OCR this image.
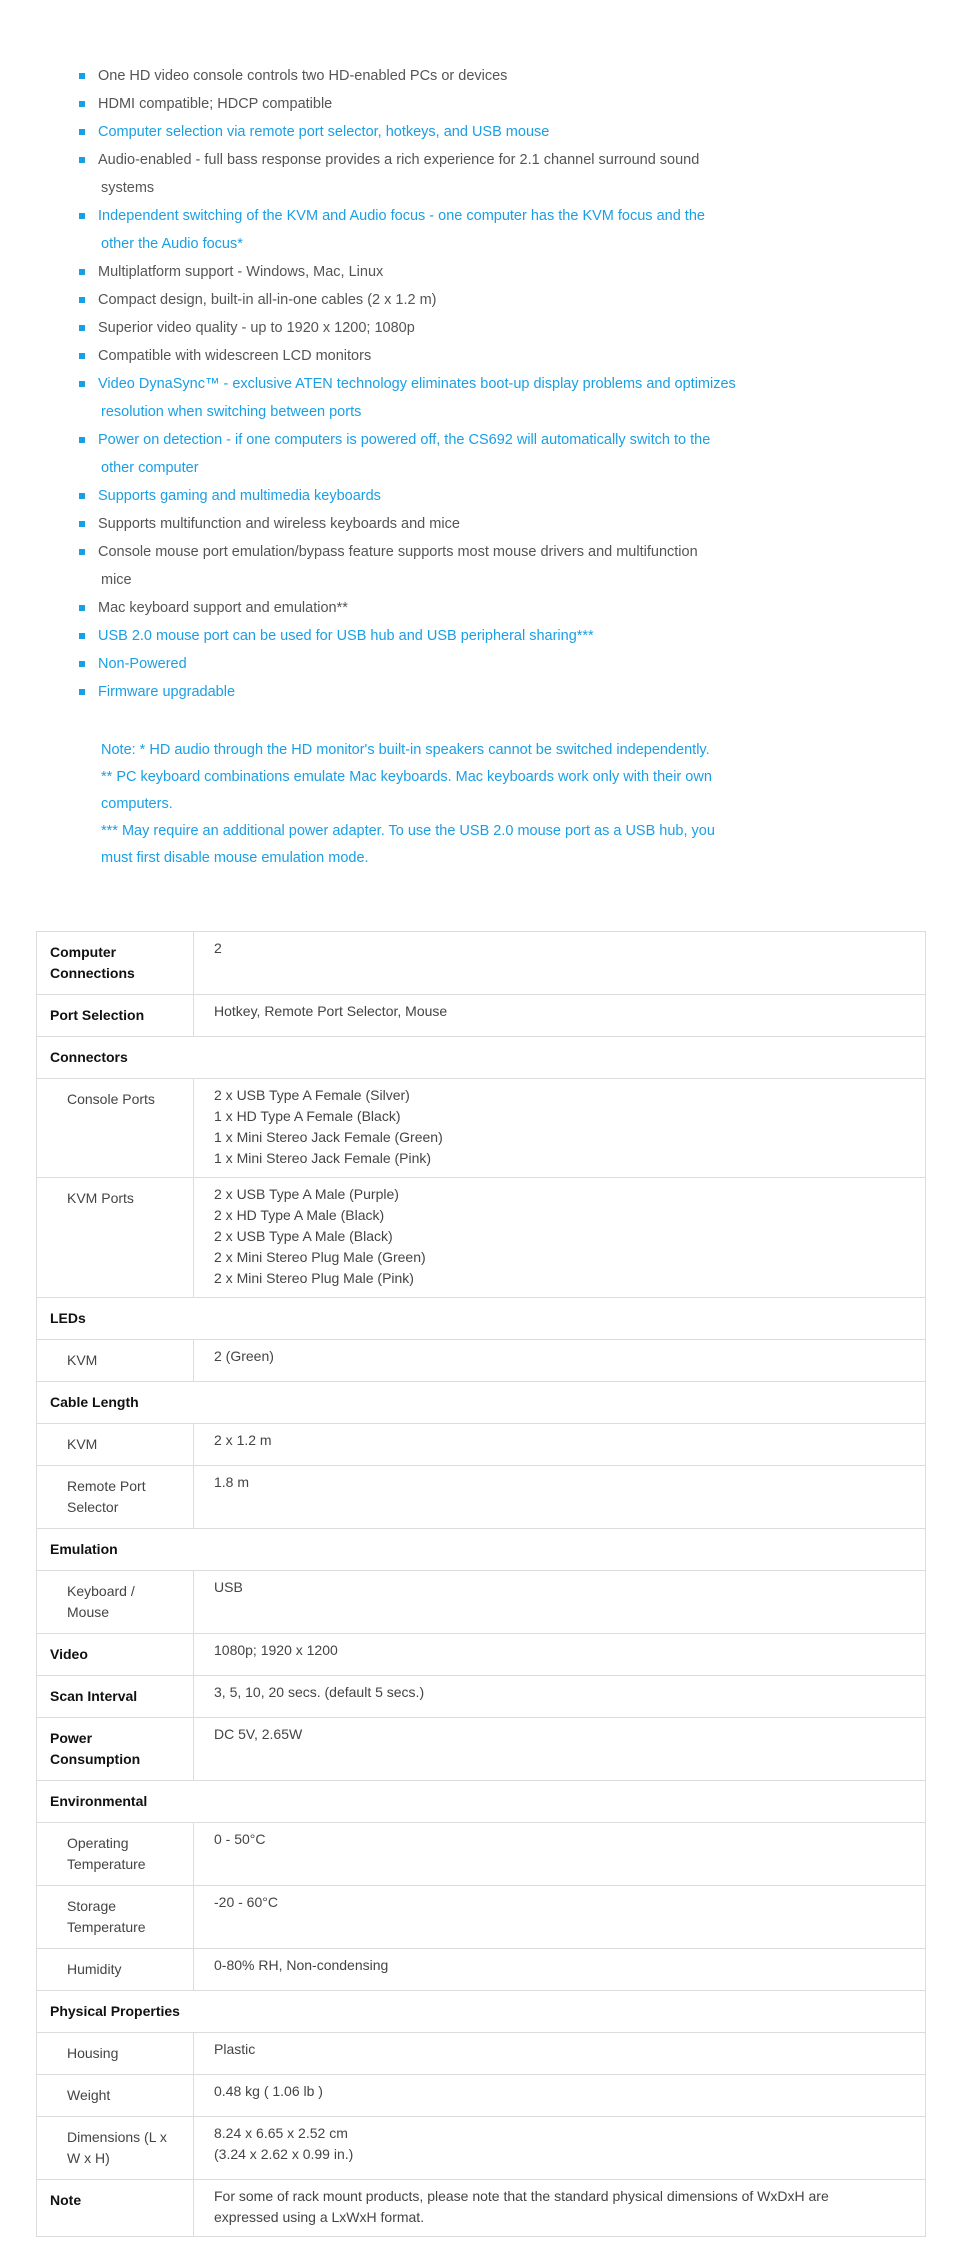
One HD video console controls two HD-enabled PCs or devices
HDMI compatible; HDCP compatible
Computer selection via remote port selector, hotkeys, and USB mouse
Audio-enabled - full bass response provides a rich experience for 2.1 channel surround sound
systems
Independent switching of the KVM and Audio focus - one computer has the KVM focus and the
other the Audio focus*
Multiplatform support - Windows, Mac, Linux
Compact design, built-in all-in-one cables (2 x 1.2 m)
Superior video quality - up to 1920 x 1200; 1080p
Compatible with widescreen LCD monitors
Video DynaSync™ - exclusive ATEN technology eliminates boot-up display problems and optimizes
resolution when switching between ports
Power on detection - if one computers is powered off, the CS692 will automatically switch to the
other computer
Supports gaming and multimedia keyboards
Supports multifunction and wireless keyboards and mice
Console mouse port emulation/bypass feature supports most mouse drivers and multifunction
mice
Mac keyboard support and emulation**
USB 2.0 mouse port can be used for USB hub and USB peripheral sharing***
Non-Powered
Firmware upgradable
Note: * HD audio through the HD monitor's built-in speakers cannot be switched independently.
** PC keyboard combinations emulate Mac keyboards. Mac keyboards work only with their own
computers.
*** May require an additional power adapter. To use the USB 2.0 mouse port as a USB hub, you
must first disable mouse emulation mode.
Computer
Connections	2

Port Selection	Hotkey, Remote Port Selector, Mouse

Connectors	

Console Ports	2 x USB Type A Female (Silver)
1 x HD Type A Female (Black)
1 x Mini Stereo Jack Female (Green)
1 x Mini Stereo Jack Female (Pink)

KVM Ports	2 x USB Type A Male (Purple)
2 x HD Type A Male (Black)
2 x USB Type A Male (Black)
2 x Mini Stereo Plug Male (Green)
2 x Mini Stereo Plug Male (Pink)

LEDs	

KVM	2 (Green)

Cable Length	

KVM	2 x 1.2 m

Remote Port
Selector	1.8 m

Emulation	

Keyboard /
Mouse	USB

Video	1080p; 1920 x 1200

Scan Interval	3, 5, 10, 20 secs. (default 5 secs.)

Power
Consumption	DC 5V, 2.65W

Environmental	

Operating
Temperature	0 - 50°C

Storage
Temperature	-20 - 60°C

Humidity	0-80% RH, Non-condensing

Physical Properties	

Housing	Plastic

Weight	0.48 kg ( 1.06 lb )

Dimensions (L x
W x H)	8.24 x 6.65 x 2.52 cm
(3.24 x 2.62 x 0.99 in.)

Note	For some of rack mount products, please note that the standard physical dimensions of WxDxH are
expressed using a LxWxH format.
